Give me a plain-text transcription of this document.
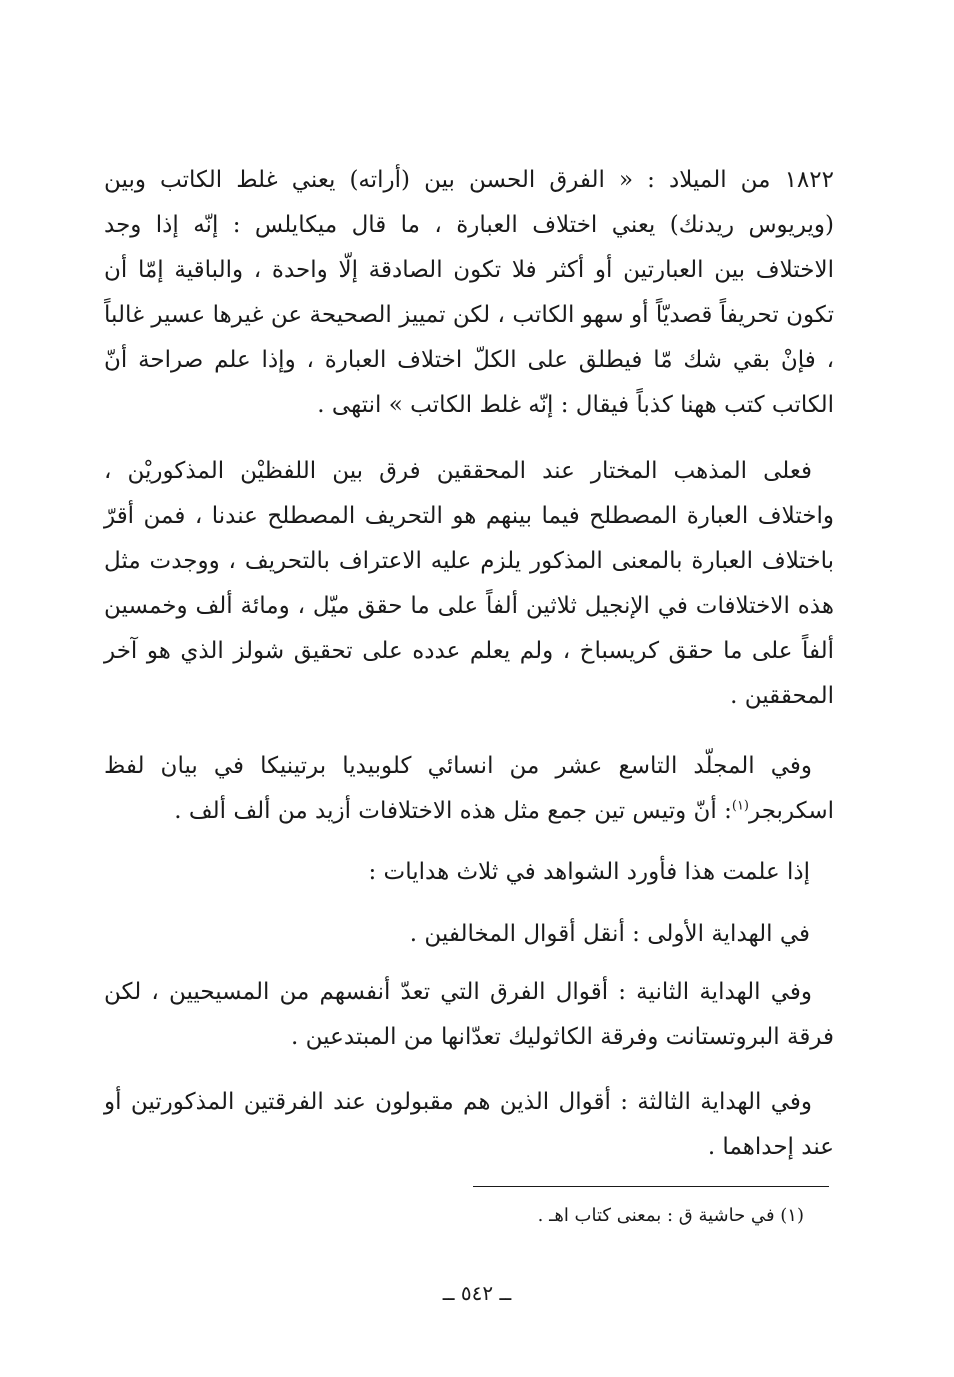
١٨٢٢ من الميلاد : « الفرق الحسن بين (أراته) يعني غلط الكاتب وبين (ويريوس ريدنك) يعني اختلاف العبارة ، ما قال ميكايلس : إنّه إذا وجد الاختلاف بين العبارتين أو أكثر فلا تكون الصادقة إلّا واحدة ، والباقية إمّا أن تكون تحريفاً قصديّاً أو سهو الكاتب ، لكن تمييز الصحيحة عن غيرها عسير غالباً ، فإنْ بقي شك مّا فيطلق على الكلّ اختلاف العبارة ، وإذا علم صراحة أنّ الكاتب كتب ههنا كذباً فيقال : إنّه غلط الكاتب » انتهى .
فعلى المذهب المختار عند المحققين فرق بين اللفظيْن المذكوريْن ، واختلاف العبارة المصطلح فيما بينهم هو التحريف المصطلح عندنا ، فمن أقرّ باختلاف العبارة بالمعنى المذكور يلزم عليه الاعتراف بالتحريف ، ووجدت مثل هذه الاختلافات في الإنجيل ثلاثين ألفاً على ما حقق ميّل ، ومائة ألف وخمسين ألفاً على ما حقق كريسباخ ، ولم يعلم عدده على تحقيق شولز الذي هو آخر المحققين .
وفي المجلّد التاسع عشر من انسائي كلوبيديا برتينيكا في بيان لفظ اسكربجر$^{(١)}$: أنّ وتيس تين جمع مثل هذه الاختلافات أزيد من ألف ألف .
إذا علمت هذا فأورد الشواهد في ثلاث هدايات :
في الهداية الأولى : أنقل أقوال المخالفين .
وفي الهداية الثانية : أقوال الفرق التي تعدّ أنفسهم من المسيحيين ، لكن فرقة البروتستانت وفرقة الكاثوليك تعدّانها من المبتدعين .
وفي الهداية الثالثة : أقوال الذين هم مقبولون عند الفرقتين المذكورتين أو عند إحداهما .
(١) في حاشية ق : بمعنى كتاب اهـ .
ــ ٥٤٢ ــ
